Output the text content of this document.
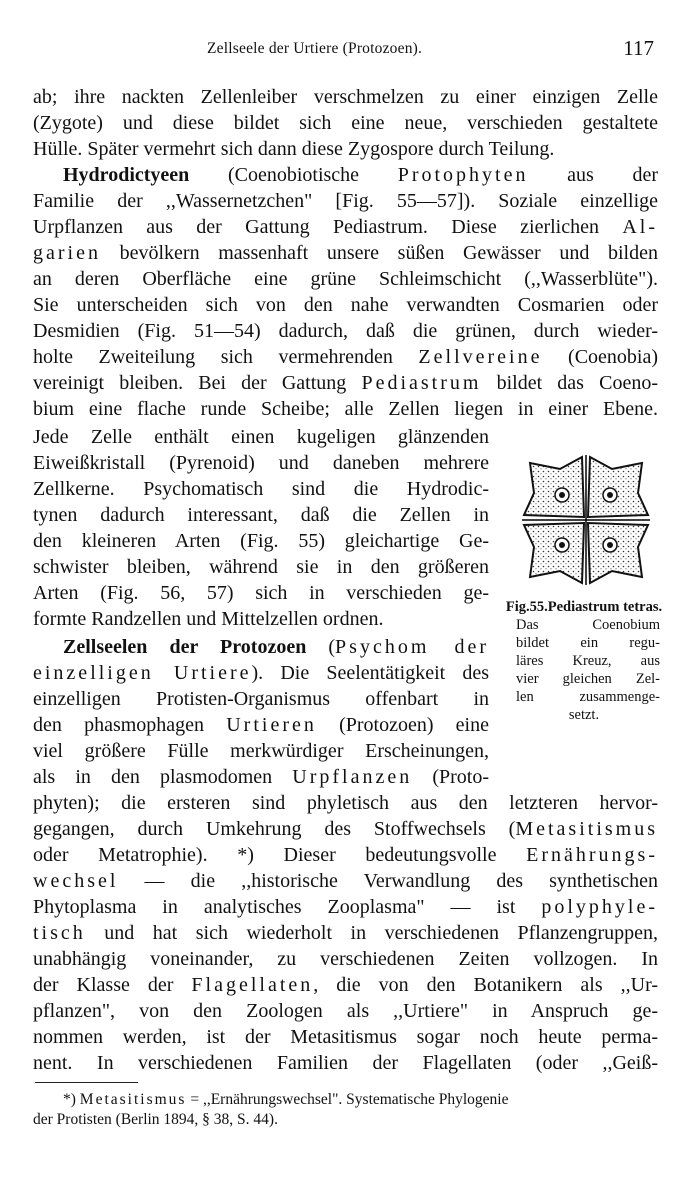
Zellseele der Urtiere (Protozoen).	117
ab; ihre nackten Zellenleiber verschmelzen zu einer einzigen Zelle
(Zygote) und diese bildet sich eine neue, verschieden gestaltete
Hülle. Später vermehrt sich dann diese Zygospore durch Teilung.
Hydrodictyeen (Coenobiotische Protophyten aus der
Familie der ,,Wassernetzchen" [Fig. 55—57]). Soziale einzellige
Urpflanzen aus der Gattung Pediastrum. Diese zierlichen Al-
garien bevölkern massenhaft unsere süßen Gewässer und bilden
an deren Oberfläche eine grüne Schleimschicht (,,Wasserblüte").
Sie unterscheiden sich von den nahe verwandten Cosmarien oder
Desmidien (Fig. 51—54) dadurch, daß die grünen, durch wieder-
holte Zweiteilung sich vermehrenden Zellvereine (Coenobia)
vereinigt bleiben. Bei der Gattung Pediastrum bildet das Coeno-
bium eine flache runde Scheibe; alle Zellen liegen in einer Ebene.
Jede Zelle enthält einen kugeligen glänzenden
Eiweißkristall (Pyrenoid) und daneben mehrere
Zellkerne. Psychomatisch sind die Hydrodic-
tynen dadurch interessant, daß die Zellen in
den kleineren Arten (Fig. 55) gleichartige Ge-
schwister bleiben, während sie in den größeren
Arten (Fig. 56, 57) sich in verschieden ge-
formte Randzellen und Mittelzellen ordnen.
Zellseelen der Protozoen (Psychom der
einzelligen Urtiere). Die Seelentätigkeit des
einzelligen Protisten-Organismus offenbart in
den phasmophagen Urtieren (Protozoen) eine
viel größere Fülle merkwürdiger Erscheinungen,
als in den plasmodomen Urpflanzen (Proto-
phyten); die ersteren sind phyletisch aus den letzteren hervor-
gegangen, durch Umkehrung des Stoffwechsels (Metasitismus
oder Metatrophie). *) Dieser bedeutungsvolle Ernährungs-
wechsel — die ,,historische Verwandlung des synthetischen
Phytoplasma in analytisches Zooplasma" — ist polyphyle-
tisch und hat sich wiederholt in verschiedenen Pflanzengruppen,
unabhängig voneinander, zu verschiedenen Zeiten vollzogen. In
der Klasse der Flagellaten, die von den Botanikern als ,,Ur-
pflanzen", von den Zoologen als ,,Urtiere" in Anspruch ge-
nommen werden, ist der Metasitismus sogar noch heute perma-
nent. In verschiedenen Familien der Flagellaten (oder ,,Geiß-
Fig.55.Pediastrum tetras.
Das Coenobium
bildet ein regu-
läres Kreuz, aus
vier gleichen Zel-
len zusammenge-
setzt.
*) Metasitismus = ,,Ernährungswechsel". Systematische Phylogenie
der Protisten (Berlin 1894, § 38, S. 44).
